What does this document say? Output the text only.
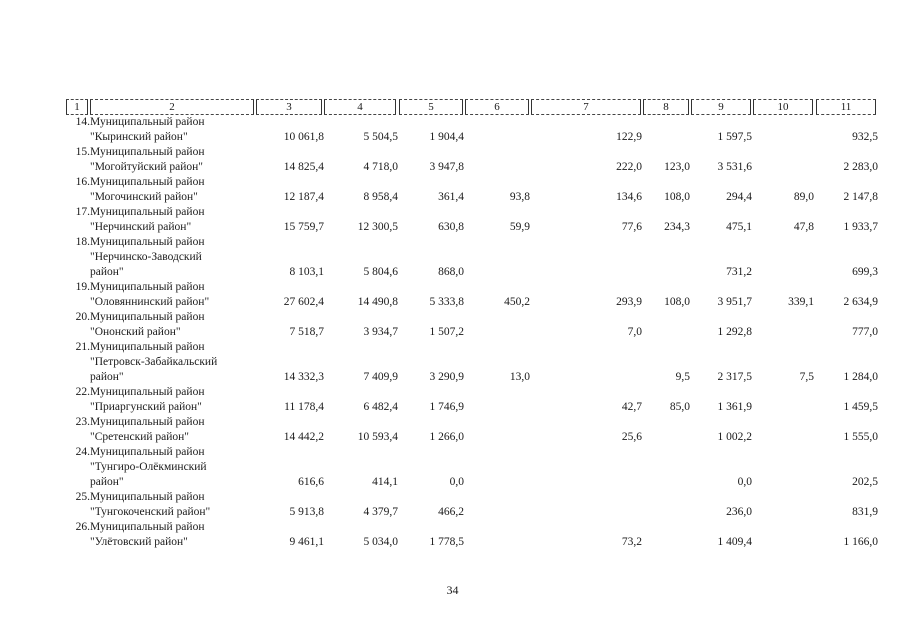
1	2	3	4	5	6	7	8	9	10	11
14.	Муниципальный район
"Кыринский район"	10 061,8	5 504,5	1 904,4		122,9		1 597,5		932,5
15.	Муниципальный район
"Могойтуйский район"	14 825,4	4 718,0	3 947,8		222,0	123,0	3 531,6		2 283,0
16.	Муниципальный район
"Могочинский район"	12 187,4	8 958,4	361,4	93,8	134,6	108,0	294,4	89,0	2 147,8
17.	Муниципальный район
"Нерчинский район"	15 759,7	12 300,5	630,8	59,9	77,6	234,3	475,1	47,8	1 933,7
18.	Муниципальный район
"Нерчинско-Заводский
район"	8 103,1	5 804,6	868,0				731,2		699,3
19.	Муниципальный район
"Оловяннинский район"	27 602,4	14 490,8	5 333,8	450,2	293,9	108,0	3 951,7	339,1	2 634,9
20.	Муниципальный район
"Ононский район"	7 518,7	3 934,7	1 507,2		7,0		1 292,8		777,0
21.	Муниципальный район
"Петровск-Забайкальский
район"	14 332,3	7 409,9	3 290,9	13,0		9,5	2 317,5	7,5	1 284,0
22.	Муниципальный район
"Приаргунский район"	11 178,4	6 482,4	1 746,9		42,7	85,0	1 361,9		1 459,5
23.	Муниципальный район
"Сретенский район"	14 442,2	10 593,4	1 266,0		25,6		1 002,2		1 555,0
24.	Муниципальный район
"Тунгиро-Олёкминский
район"	616,6	414,1	0,0				0,0		202,5
25.	Муниципальный район
"Тунгокоченский район"	5 913,8	4 379,7	466,2				236,0		831,9
26.	Муниципальный район
"Улётовский район"	9 461,1	5 034,0	1 778,5		73,2		1 409,4		1 166,0
34
